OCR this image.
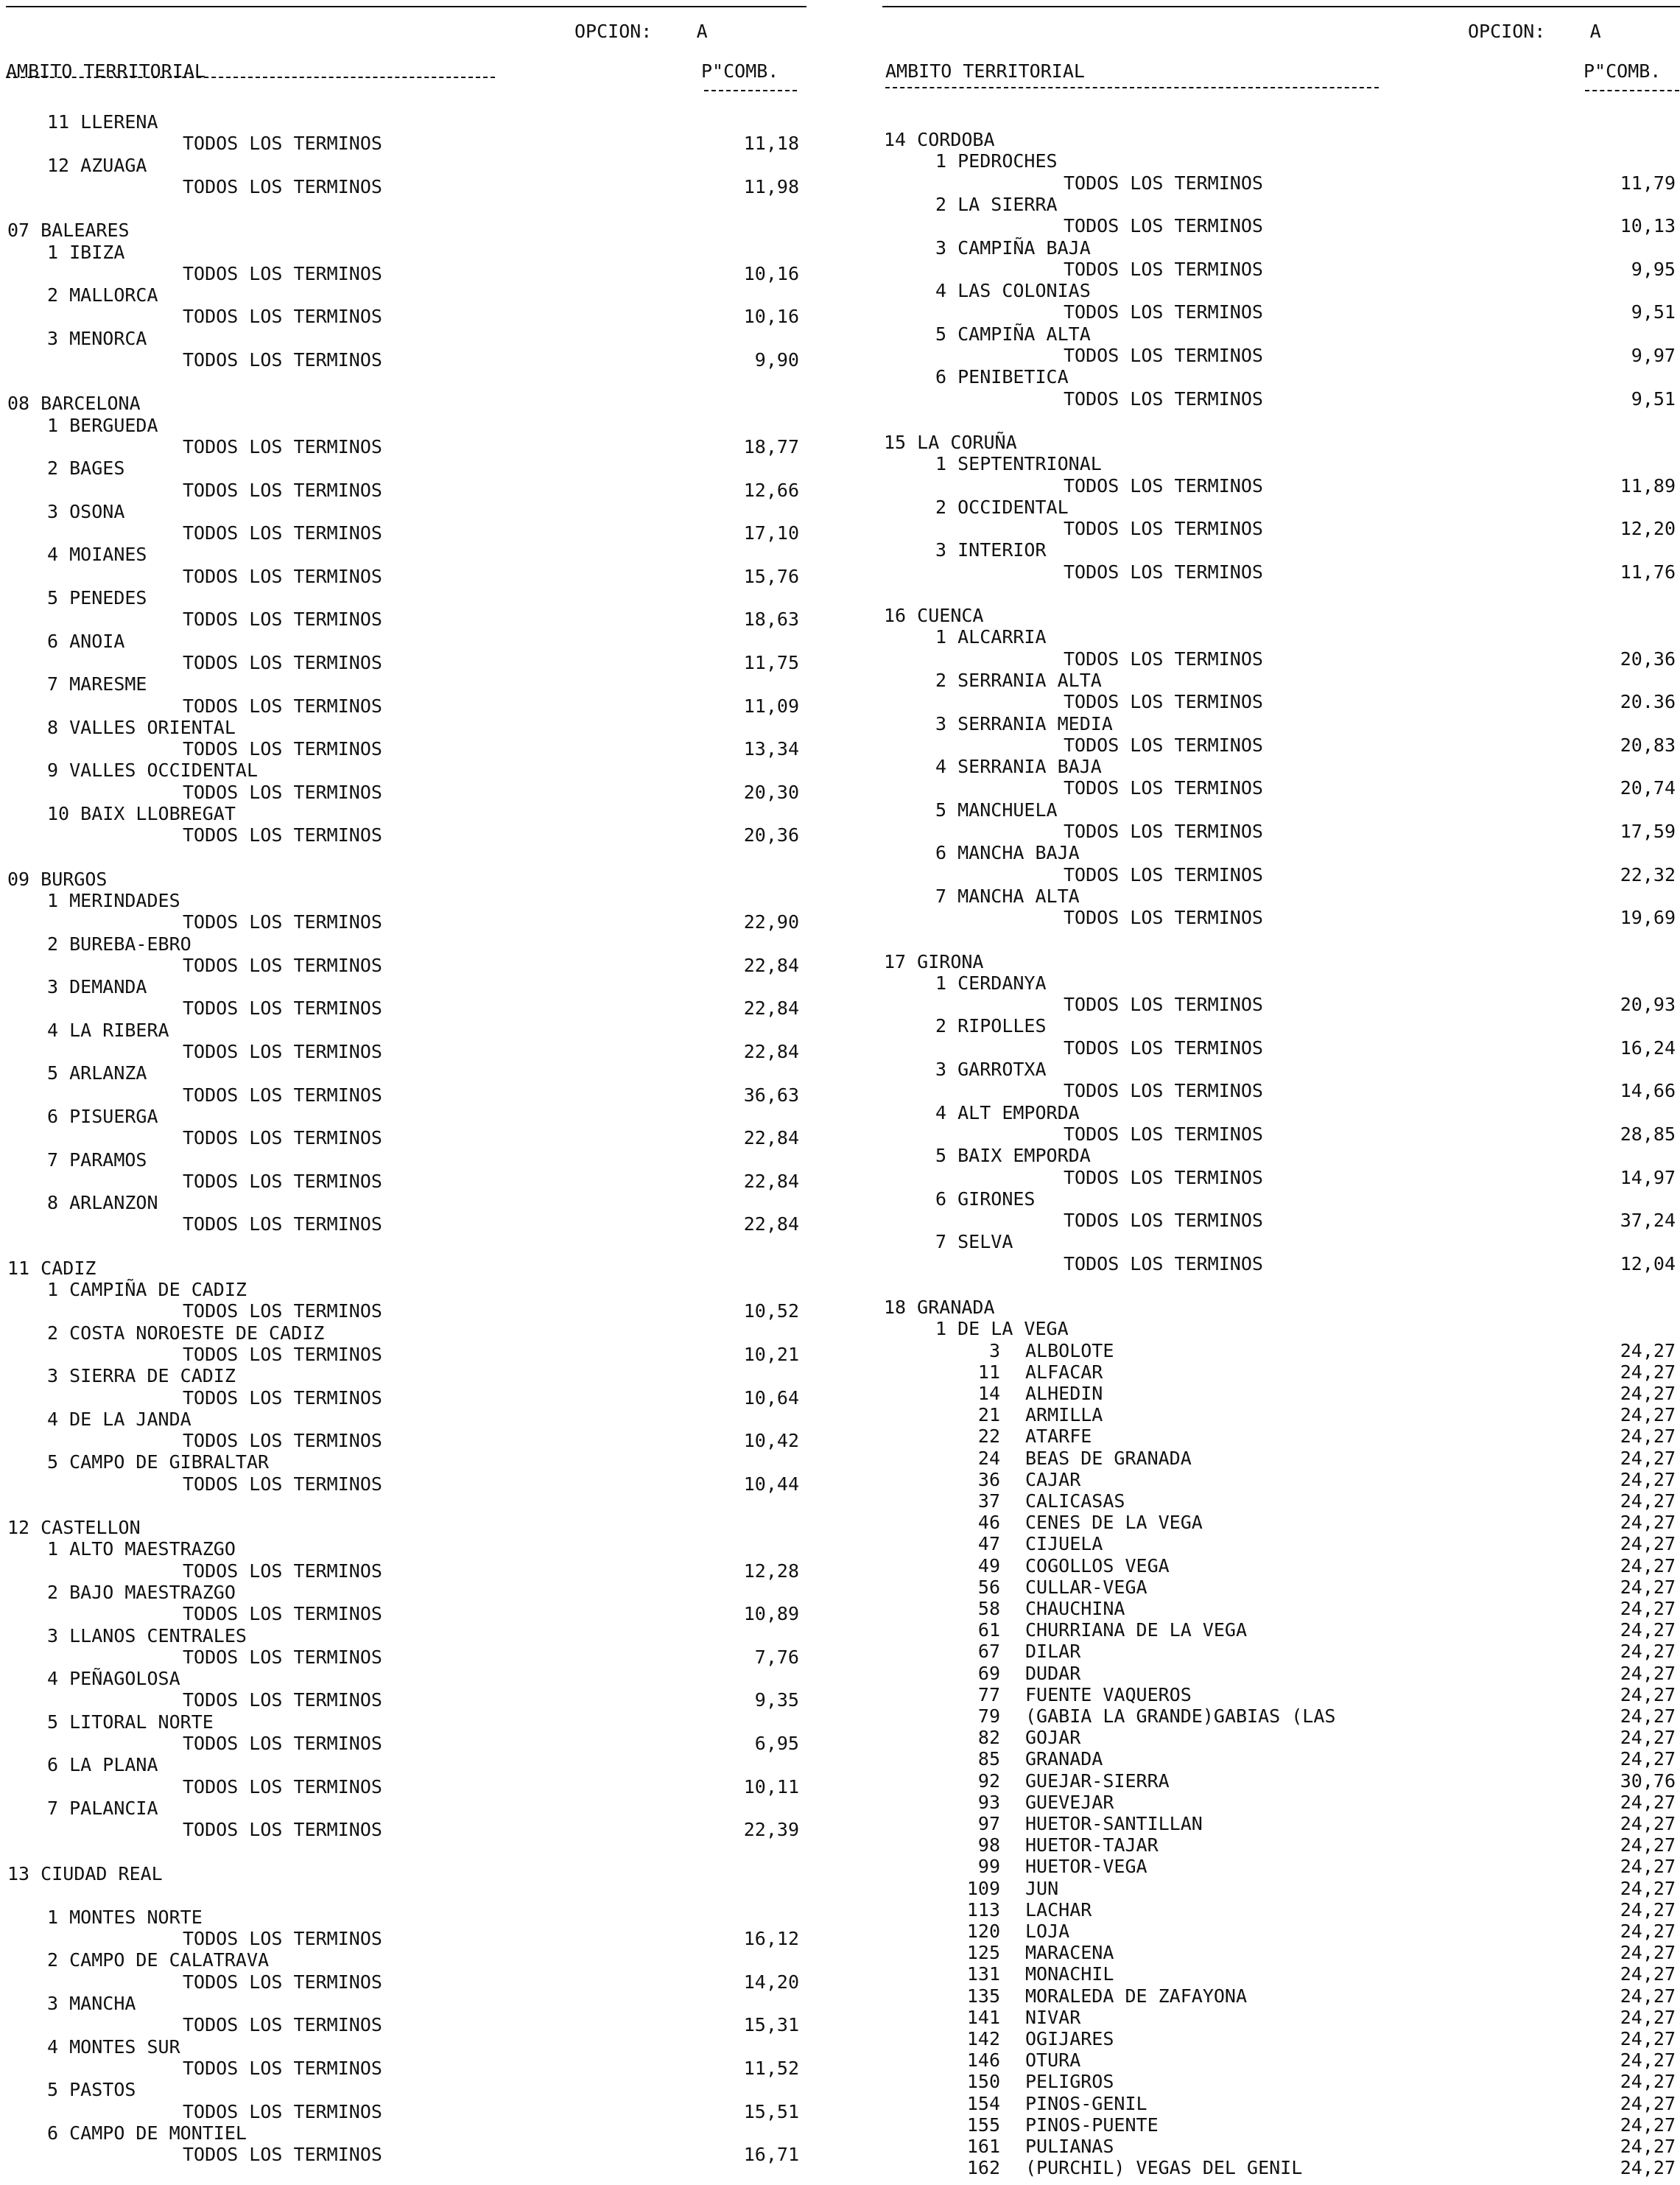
OPCION: A
AMBITO TERRITORIAL	P"COMB.
11 LLERENA
TODOS LOS TERMINOS	11,18
12 AZUAGA
TODOS LOS TERMINOS	11,98
07 BALEARES
1 IBIZA
TODOS LOS TERMINOS	10,16
2 MALLORCA
TODOS LOS TERMINOS	10,16
3 MENORCA
TODOS LOS TERMINOS	9,90
08 BARCELONA
1 BERGUEDA
TODOS LOS TERMINOS	18,77
2 BAGES
TODOS LOS TERMINOS	12,66
3 OSONA
TODOS LOS TERMINOS	17,10
4 MOIANES
TODOS LOS TERMINOS	15,76
5 PENEDES
TODOS LOS TERMINOS	18,63
6 ANOIA
TODOS LOS TERMINOS	11,75
7 MARESME
TODOS LOS TERMINOS	11,09
8 VALLES ORIENTAL
TODOS LOS TERMINOS	13,34
9 VALLES OCCIDENTAL
TODOS LOS TERMINOS	20,30
10 BAIX LLOBREGAT
TODOS LOS TERMINOS	20,36
09 BURGOS
1 MERINDADES
TODOS LOS TERMINOS	22,90
2 BUREBA-EBRO
TODOS LOS TERMINOS	22,84
3 DEMANDA
TODOS LOS TERMINOS	22,84
4 LA RIBERA
TODOS LOS TERMINOS	22,84
5 ARLANZA
TODOS LOS TERMINOS	36,63
6 PISUERGA
TODOS LOS TERMINOS	22,84
7 PARAMOS
TODOS LOS TERMINOS	22,84
8 ARLANZON
TODOS LOS TERMINOS	22,84
11 CADIZ
1 CAMPIÑA DE CADIZ
TODOS LOS TERMINOS	10,52
2 COSTA NOROESTE DE CADIZ
TODOS LOS TERMINOS	10,21
3 SIERRA DE CADIZ
TODOS LOS TERMINOS	10,64
4 DE LA JANDA
TODOS LOS TERMINOS	10,42
5 CAMPO DE GIBRALTAR
TODOS LOS TERMINOS	10,44
12 CASTELLON
1 ALTO MAESTRAZGO
TODOS LOS TERMINOS	12,28
2 BAJO MAESTRAZGO
TODOS LOS TERMINOS	10,89
3 LLANOS CENTRALES
TODOS LOS TERMINOS	7,76
4 PEÑAGOLOSA
TODOS LOS TERMINOS	9,35
5 LITORAL NORTE
TODOS LOS TERMINOS	6,95
6 LA PLANA
TODOS LOS TERMINOS	10,11
7 PALANCIA
TODOS LOS TERMINOS	22,39
13 CIUDAD REAL
1 MONTES NORTE
TODOS LOS TERMINOS	16,12
2 CAMPO DE CALATRAVA
TODOS LOS TERMINOS	14,20
3 MANCHA
TODOS LOS TERMINOS	15,31
4 MONTES SUR
TODOS LOS TERMINOS	11,52
5 PASTOS
TODOS LOS TERMINOS	15,51
6 CAMPO DE MONTIEL
TODOS LOS TERMINOS	16,71
OPCION: A
AMBITO TERRITORIAL	P"COMB.
14 CORDOBA
1 PEDROCHES
TODOS LOS TERMINOS	11,79
2 LA SIERRA
TODOS LOS TERMINOS	10,13
3 CAMPIÑA BAJA
TODOS LOS TERMINOS	9,95
4 LAS COLONIAS
TODOS LOS TERMINOS	9,51
5 CAMPIÑA ALTA
TODOS LOS TERMINOS	9,97
6 PENIBETICA
TODOS LOS TERMINOS	9,51
15 LA CORUÑA
1 SEPTENTRIONAL
TODOS LOS TERMINOS	11,89
2 OCCIDENTAL
TODOS LOS TERMINOS	12,20
3 INTERIOR
TODOS LOS TERMINOS	11,76
16 CUENCA
1 ALCARRIA
TODOS LOS TERMINOS	20,36
2 SERRANIA ALTA
TODOS LOS TERMINOS	20.36
3 SERRANIA MEDIA
TODOS LOS TERMINOS	20,83
4 SERRANIA BAJA
TODOS LOS TERMINOS	20,74
5 MANCHUELA
TODOS LOS TERMINOS	17,59
6 MANCHA BAJA
TODOS LOS TERMINOS	22,32
7 MANCHA ALTA
TODOS LOS TERMINOS	19,69
17 GIRONA
1 CERDANYA
TODOS LOS TERMINOS	20,93
2 RIPOLLES
TODOS LOS TERMINOS	16,24
3 GARROTXA
TODOS LOS TERMINOS	14,66
4 ALT EMPORDA
TODOS LOS TERMINOS	28,85
5 BAIX EMPORDA
TODOS LOS TERMINOS	14,97
6 GIRONES
TODOS LOS TERMINOS	37,24
7 SELVA
TODOS LOS TERMINOS	12,04
18 GRANADA
1 DE LA VEGA
3 ALBOLOTE	24,27
11 ALFACAR	24,27
14 ALHEDIN	24,27
21 ARMILLA	24,27
22 ATARFE	24,27
24 BEAS DE GRANADA	24,27
36 CAJAR	24,27
37 CALICASAS	24,27
46 CENES DE LA VEGA	24,27
47 CIJUELA	24,27
49 COGOLLOS VEGA	24,27
56 CULLAR-VEGA	24,27
58 CHAUCHINA	24,27
61 CHURRIANA DE LA VEGA	24,27
67 DILAR	24,27
69 DUDAR	24,27
77 FUENTE VAQUEROS	24,27
79 (GABIA LA GRANDE)GABIAS (LAS	24,27
82 GOJAR	24,27
85 GRANADA	24,27
92 GUEJAR-SIERRA	30,76
93 GUEVEJAR	24,27
97 HUETOR-SANTILLAN	24,27
98 HUETOR-TAJAR	24,27
99 HUETOR-VEGA	24,27
109 JUN	24,27
113 LACHAR	24,27
120 LOJA	24,27
125 MARACENA	24,27
131 MONACHIL	24,27
135 MORALEDA DE ZAFAYONA	24,27
141 NIVAR	24,27
142 OGIJARES	24,27
146 OTURA	24,27
150 PELIGROS	24,27
154 PINOS-GENIL	24,27
155 PINOS-PUENTE	24,27
161 PULIANAS	24,27
162 (PURCHIL) VEGAS DEL GENIL	24,27
